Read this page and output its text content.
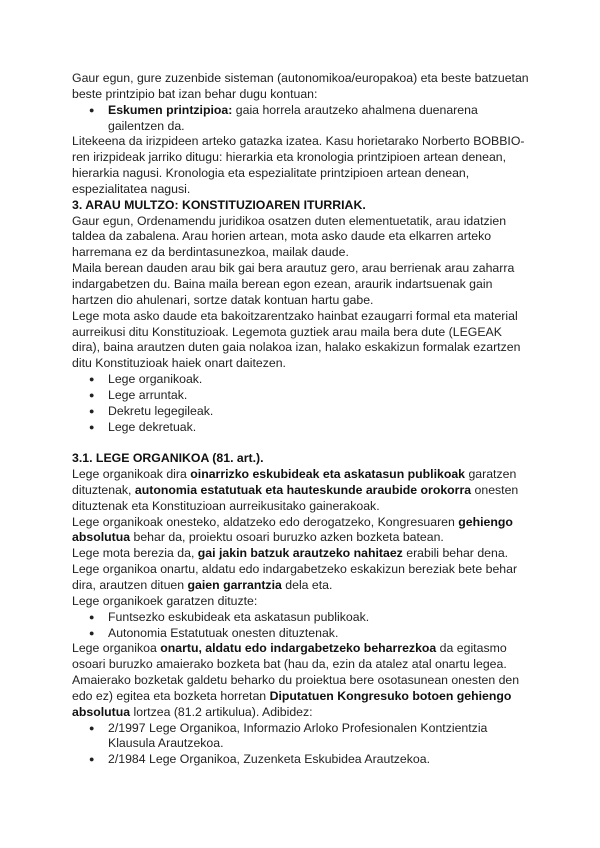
Gaur egun, gure zuzenbide sisteman (autonomikoa/europakoa) eta beste batzuetan beste printzipio bat izan behar dugu kontuan:

● Eskumen printzipioa: gaia horrela arautzeko ahalmena duenarena gailentzen da.

Litekeena da irizpideen arteko gatazka izatea. Kasu horietarako Norberto BOBBIO-ren irizpideak jarriko ditugu: hierarkia eta kronologia printzipioen artean denean, hierarkia nagusi. Kronologia eta espezialitate printzipioen artean denean, espezialitatea nagusi.

3. ARAU MULTZO: KONSTITUZIOAREN ITURRIAK.

Gaur egun, Ordenamendu juridikoa osatzen duten elementuetatik, arau idatzien taldea da zabalena. Arau horien artean, mota asko daude eta elkarren arteko harremana ez da berdintasunezkoa, mailak daude.

Maila berean dauden arau bik gai bera arautuz gero, arau berrienak arau zaharra indargabetzen du. Baina maila berean egon ezean, araurik indartsuenak gain hartzen dio ahulenari, sortze datak kontuan hartu gabe.

Lege mota asko daude eta bakoitzarentzako hainbat ezaugarri formal eta material aurreikusi ditu Konstituzioak. Legemota guztiek arau maila bera dute (LEGEAK dira), baina arautzen duten gaia nolakoa izan, halako eskakizun formalak ezartzen ditu Konstituzioak haiek onart daitezen.

● Lege organikoak.
● Lege arruntak.
● Dekretu legegileak.
● Lege dekretuak.

3.1. LEGE ORGANIKOA (81. art.).

Lege organikoak dira oinarrizko eskubideak eta askatasun publikoak garatzen dituztenak, autonomia estatutuak eta hauteskunde araubide orokorra onesten dituztenak eta Konstituzioan aurreikusitako gainerakoak.

Lege organikoak onesteko, aldatzeko edo derogatzeko, Kongresuaren gehiengo absolutua behar da, proiektu osoari buruzko azken bozketa batean.

Lege mota berezia da, gai jakin batzuk arautzeko nahitaez erabili behar dena.

Lege organikoa onartu, aldatu edo indargabetzeko eskakizun bereziak bete behar dira, arautzen dituen gaien garrantzia dela eta.

Lege organikoek garatzen dituzte:

● Funtsezko eskubideak eta askatasun publikoak.
● Autonomia Estatutuak onesten dituztenak.

Lege organikoa onartu, aldatu edo indargabetzeko beharrezkoa da egitasmo osoari buruzko amaierako bozketa bat (hau da, ezin da atalez atal onartu legea. Amaierako bozketak galdetu beharko du proiektua bere osotasunean onesten den edo ez) egitea eta bozketa horretan Diputatuen Kongresuko botoen gehiengo absolutua lortzea (81.2 artikulua). Adibidez:

● 2/1997 Lege Organikoa, Informazio Arloko Profesionalen Kontzientzia Klausula Arautzekoa.
● 2/1984 Lege Organikoa, Zuzenketa Eskubidea Arautzekoa.
